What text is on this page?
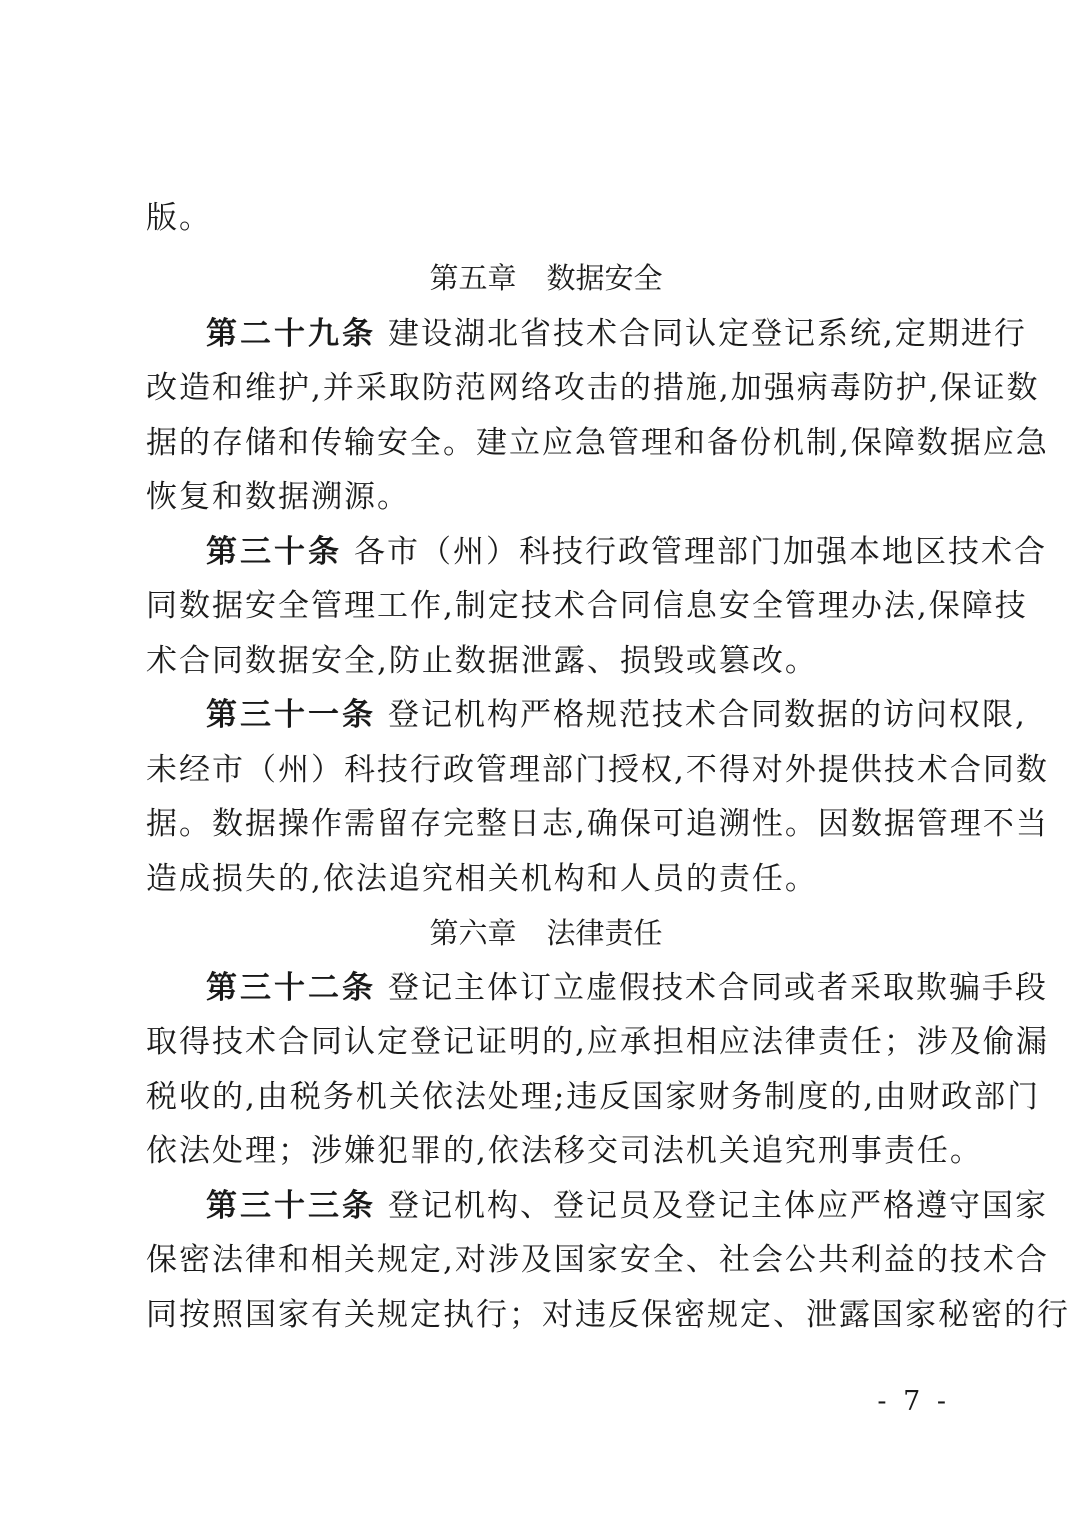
版。
第五章 数据安全
第二十九条 建设湖北省技术合同认定登记系统,定期进行
改造和维护,并采取防范网络攻击的措施,加强病毒防护,保证数
据的存储和传输安全。建立应急管理和备份机制,保障数据应急
恢复和数据溯源。
第三十条 各市（州）科技行政管理部门加强本地区技术合
同数据安全管理工作,制定技术合同信息安全管理办法,保障技
术合同数据安全,防止数据泄露、损毁或篡改。
第三十一条 登记机构严格规范技术合同数据的访问权限,
未经市（州）科技行政管理部门授权,不得对外提供技术合同数
据。数据操作需留存完整日志,确保可追溯性。因数据管理不当
造成损失的,依法追究相关机构和人员的责任。
第六章 法律责任
第三十二条 登记主体订立虚假技术合同或者采取欺骗手段
取得技术合同认定登记证明的,应承担相应法律责任；涉及偷漏
税收的,由税务机关依法处理;违反国家财务制度的,由财政部门
依法处理；涉嫌犯罪的,依法移交司法机关追究刑事责任。
第三十三条 登记机构、登记员及登记主体应严格遵守国家
保密法律和相关规定,对涉及国家安全、社会公共利益的技术合
同按照国家有关规定执行；对违反保密规定、泄露国家秘密的行
- 7 -
